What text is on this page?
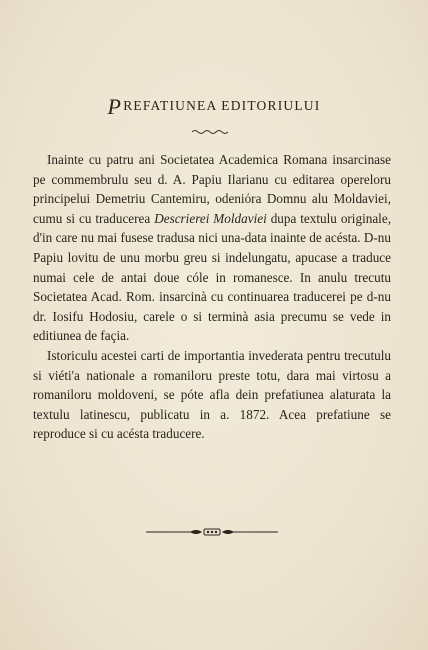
PREFATIUNEA EDITORIULUI

Inainte cu patru ani Societatea Academica Romana insarcinase pe commembrulu seu d. A. Papiu Ilarianu cu editarea opereloru principelui Demetriu Cantemiru, odeniόra Domnu alu Moldaviei, cumu si cu traducerea Descrierei Moldaviei dupa textulu originale, d'in care nu mai fusese tradusa nici una-data inainte de acésta. D-nu Papiu lovitu de unu morbu greu si indelungatu, apucase a traduce numai cele de antai doue cóle in romanesce. In anulu trecutu Societatea Acad. Rom. insarcinà cu continuarea traducerei pe d-nu dr. Iosifu Hodosiu, carele o si terminà asia precumu se vede in editiunea de façia.

Istoriculu acestei carti de importantia invederata pentru trecutulu si viéti'a nationale a romaniloru preste totu, dara mai virtosu a romaniloru moldoveni, se póte afla dein prefatiunea alaturata la textulu latinescu, publicatu in a. 1872. Acea prefatiune se reproduce si cu acésta traducere.
